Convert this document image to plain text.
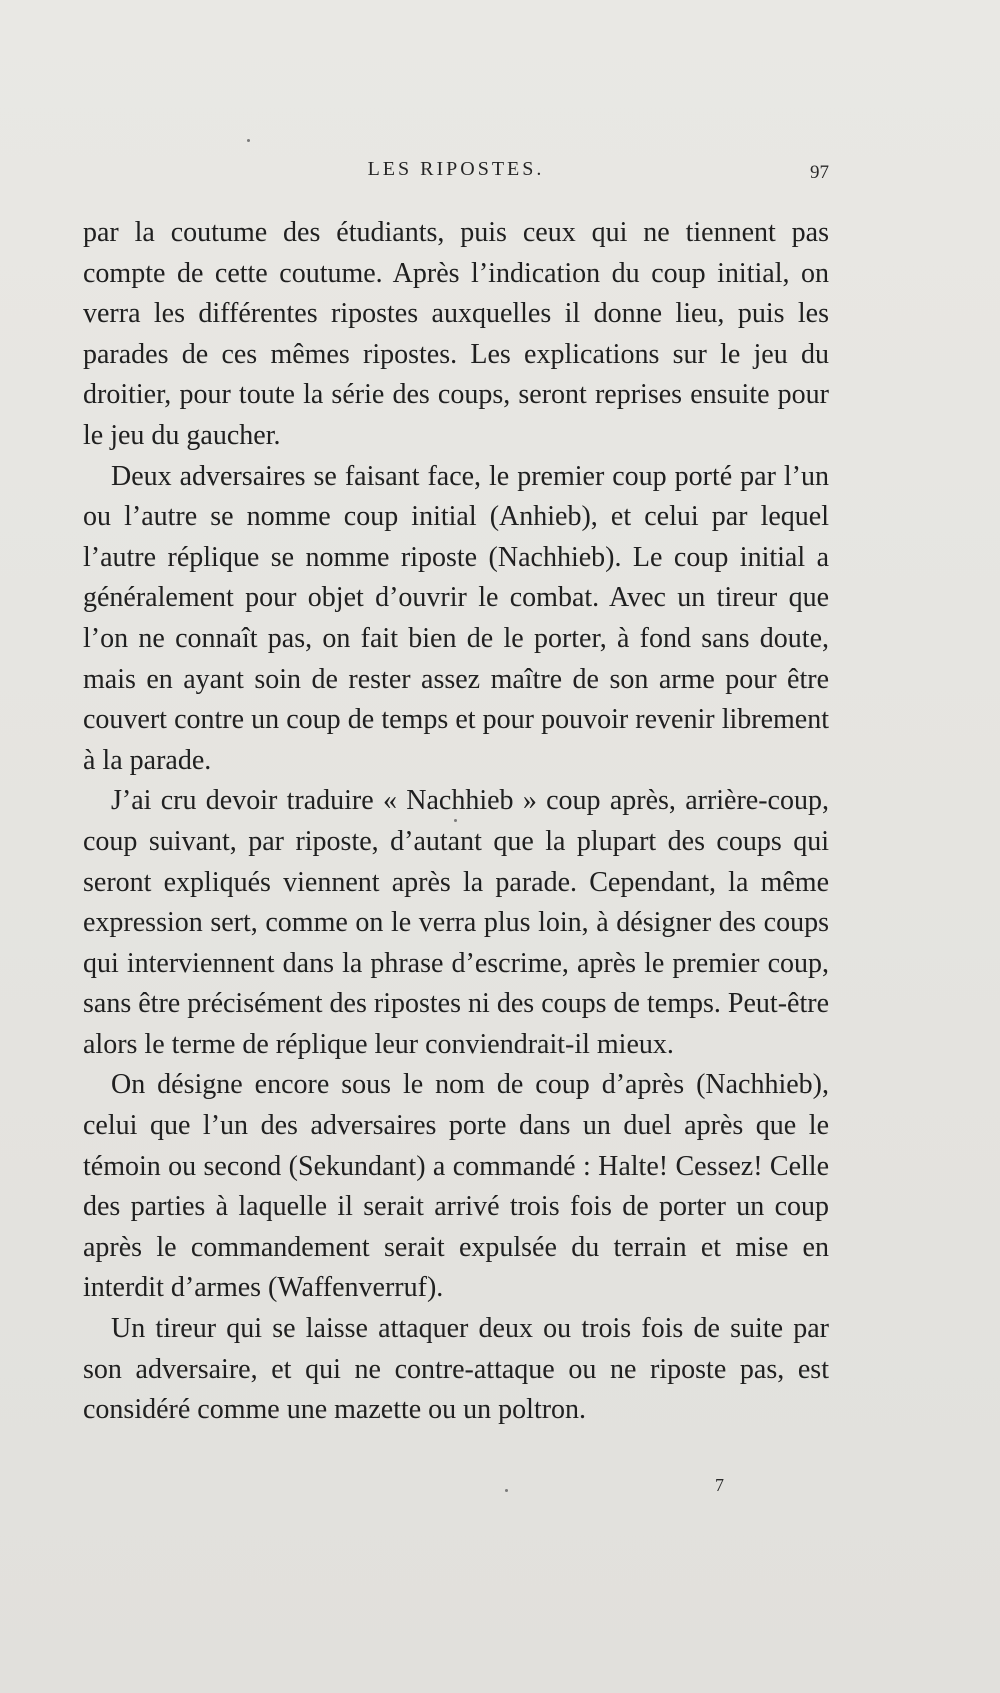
LES RIPOSTES.	97

par la coutume des étudiants, puis ceux qui ne tiennent pas compte de cette coutume. Après l’indication du coup initial, on verra les différentes ripostes auxquelles il donne lieu, puis les parades de ces mêmes ripostes. Les explications sur le jeu du droitier, pour toute la série des coups, seront reprises ensuite pour le jeu du gaucher.

Deux adversaires se faisant face, le premier coup porté par l’un ou l’autre se nomme coup initial (Anhieb), et celui par lequel l’autre réplique se nomme riposte (Nachhieb). Le coup initial a généralement pour objet d’ouvrir le combat. Avec un tireur que l’on ne connaît pas, on fait bien de le porter, à fond sans doute, mais en ayant soin de rester assez maître de son arme pour être couvert contre un coup de temps et pour pouvoir revenir librement à la parade.

J’ai cru devoir traduire « Nachhieb » coup après, arrière-coup, coup suivant, par riposte, d’autant que la plupart des coups qui seront expliqués viennent après la parade. Cependant, la même expression sert, comme on le verra plus loin, à désigner des coups qui interviennent dans la phrase d’escrime, après le premier coup, sans être précisément des ripostes ni des coups de temps. Peut-être alors le terme de réplique leur conviendrait-il mieux.

On désigne encore sous le nom de coup d’après (Nachhieb), celui que l’un des adversaires porte dans un duel après que le témoin ou second (Sekundant) a commandé : Halte! Cessez! Celle des parties à laquelle il serait arrivé trois fois de porter un coup après le commandement serait expulsée du terrain et mise en interdit d’armes (Waffenverruf).

Un tireur qui se laisse attaquer deux ou trois fois de suite par son adversaire, et qui ne contre-attaque ou ne riposte pas, est considéré comme une mazette ou un poltron.

7
